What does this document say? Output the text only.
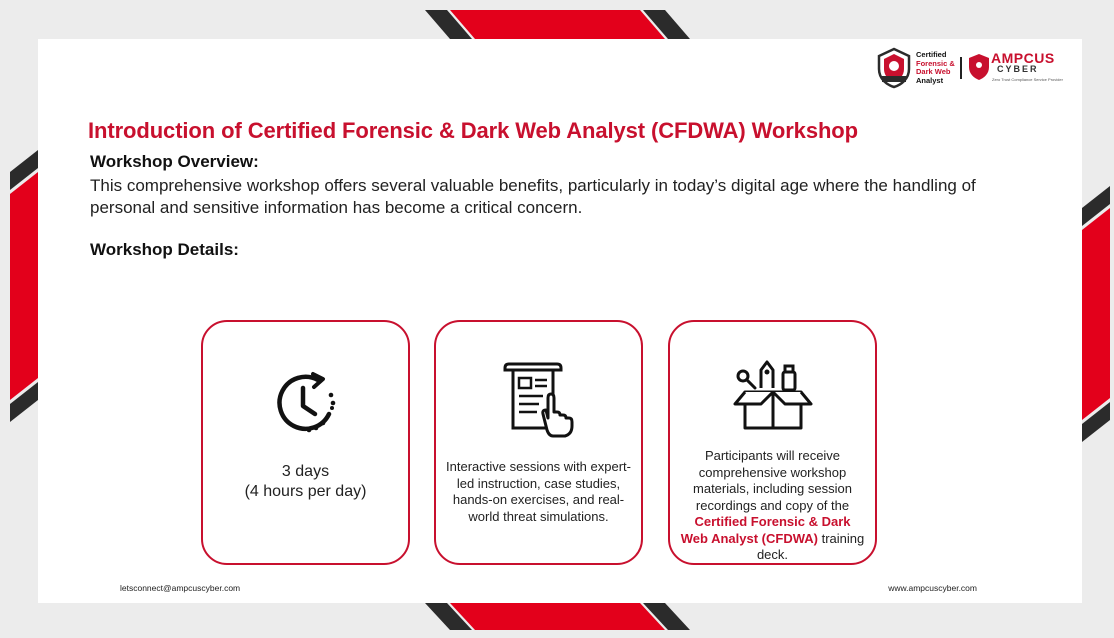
Certified
Forensic &
Dark Web
Analyst
AMPCUS
CYBER
Zero Trust Compliance Service Provider
Introduction of Certified Forensic & Dark Web Analyst (CFDWA) Workshop
Workshop Overview:

This comprehensive workshop offers several valuable benefits, particularly in today’s digital age where the handling of personal and sensitive information has become a critical concern.

Workshop Details:
3 days
(4 hours per day)
Interactive sessions with expert-led instruction, case studies, hands-on exercises, and real-world threat simulations.
Participants will receive comprehensive workshop materials, including session recordings and copy of the Certified Forensic & Dark Web Analyst (CFDWA) training deck.
letsconnect@ampcuscyber.com	www.ampcuscyber.com
